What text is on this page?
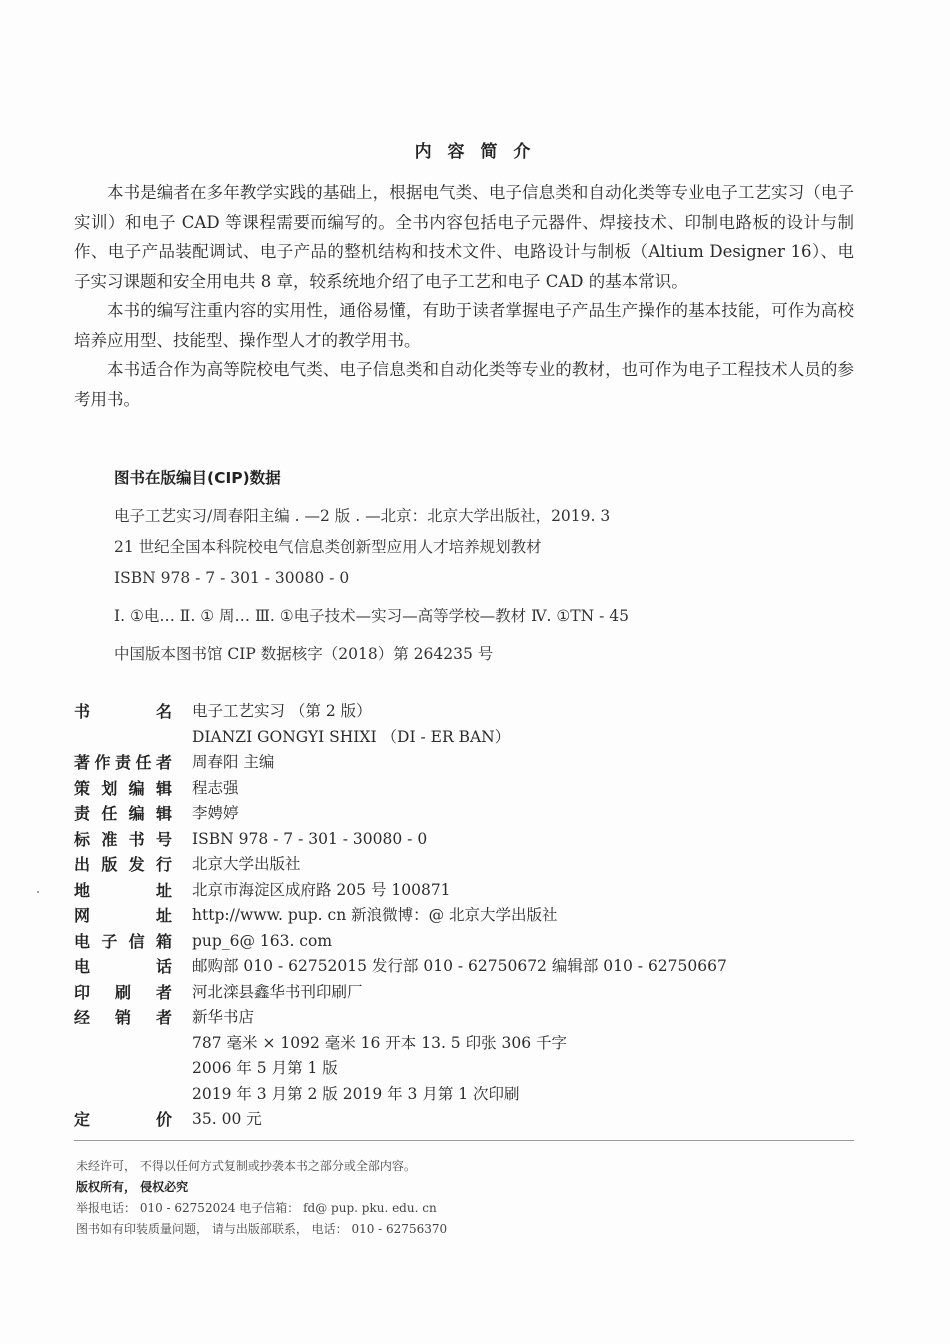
内 容 简 介

本书是编者在多年教学实践的基础上，根据电气类、电子信息类和自动化类等专业电子工艺实习（电子实训）和电子 CAD 等课程需要而编写的。全书内容包括电子元器件、焊接技术、印制电路板的设计与制作、电子产品装配调试、电子产品的整机结构和技术文件、电路设计与制板（Altium Designer 16）、电子实习课题和安全用电共 8 章，较系统地介绍了电子工艺和电子 CAD 的基本常识。

本书的编写注重内容的实用性，通俗易懂，有助于读者掌握电子产品生产操作的基本技能，可作为高校培养应用型、技能型、操作型人才的教学用书。

本书适合作为高等院校电气类、电子信息类和自动化类等专业的教材，也可作为电子工程技术人员的参考用书。

图书在版编目(CIP)数据
电子工艺实习/周春阳主编 . —2 版 . —北京：北京大学出版社，2019. 3
21 世纪全国本科院校电气信息类创新型应用人才培养规划教材
ISBN 978 - 7 - 301 - 30080 - 0
Ⅰ. ①电… Ⅱ. ① 周… Ⅲ. ①电子技术—实习—高等学校—教材 Ⅳ. ①TN - 45
中国版本图书馆 CIP 数据核字（2018）第 264235 号
书	名 电子工艺实习 （第 2 版）
DIANZI GONGYI SHIXI （DI - ER BAN）
著 作 责 任 者 周春阳 主编
策 划 编 辑 程志强
责 任 编 辑 李娉婷
标 准 书 号 ISBN 978 - 7 - 301 - 30080 - 0
出 版 发 行 北京大学出版社
地	址 北京市海淀区成府路 205 号 100871
网	址 http://www. pup. cn 新浪微博：@ 北京大学出版社
电 子 信 箱 pup_6@ 163. com
电	话 邮购部 010 - 62752015 发行部 010 - 62750672 编辑部 010 - 62750667
印 刷 者 河北滦县鑫华书刊印刷厂
经 销 者 新华书店
787 毫米 × 1092 毫米 16 开本 13. 5 印张 306 千字
2006 年 5 月第 1 版
2019 年 3 月第 2 版 2019 年 3 月第 1 次印刷
定	价 35. 00 元
未经许可， 不得以任何方式复制或抄袭本书之部分或全部内容。
版权所有， 侵权必究
举报电话： 010 - 62752024 电子信箱： fd@ pup. pku. edu. cn
图书如有印装质量问题， 请与出版部联系， 电话： 010 - 62756370
